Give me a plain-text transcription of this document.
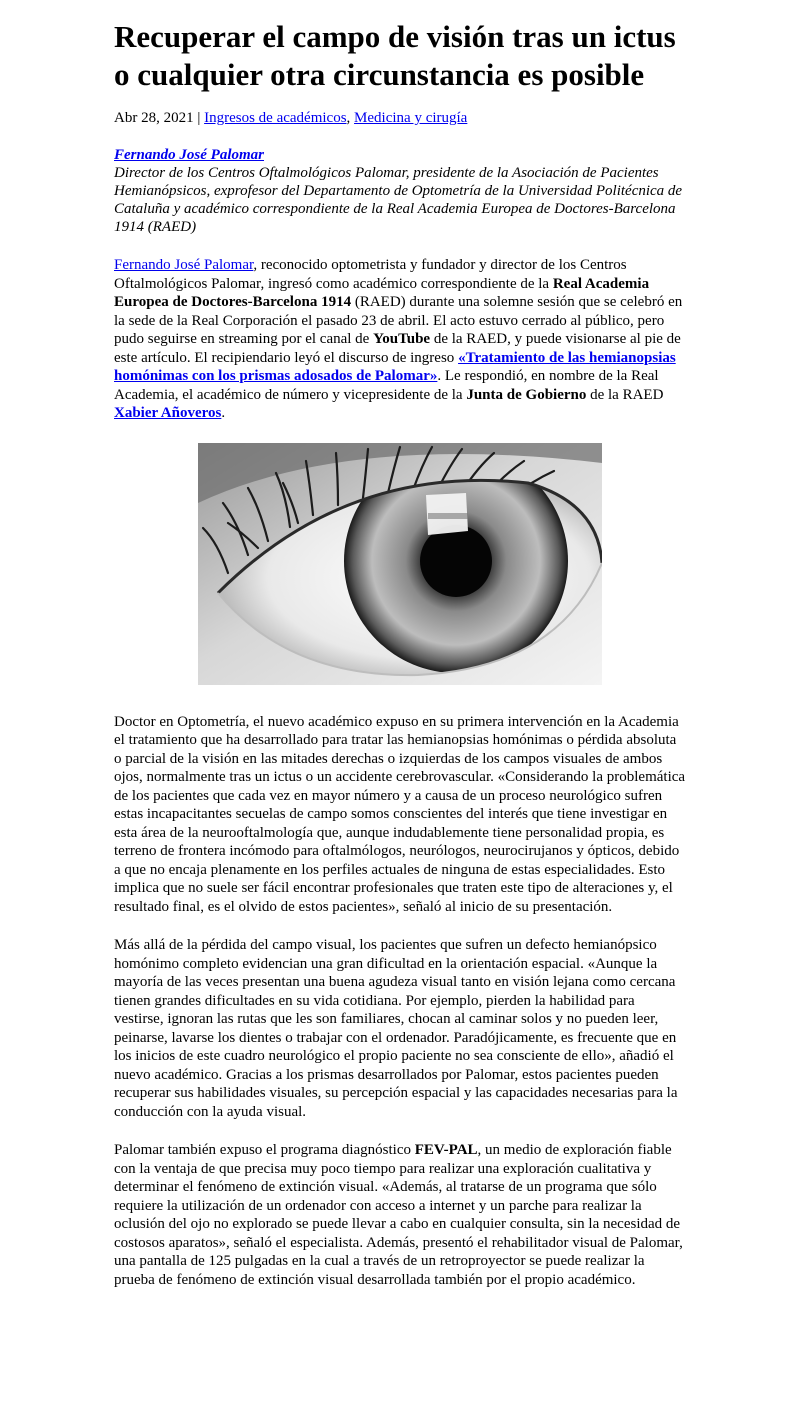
Recuperar el campo de visión tras un ictus o cualquier otra circunstancia es posible
Abr 28, 2021 | Ingresos de académicos, Medicina y cirugía
Fernando José Palomar
Director de los Centros Oftalmológicos Palomar, presidente de la Asociación de Pacientes Hemianópsicos, exprofesor del Departamento de Optometría de la Universidad Politécnica de Cataluña y académico correspondiente de la Real Academia Europea de Doctores-Barcelona 1914 (RAED)

Fernando José Palomar, reconocido optometrista y fundador y director de los Centros Oftalmológicos Palomar, ingresó como académico correspondiente de la Real Academia Europea de Doctores-Barcelona 1914 (RAED) durante una solemne sesión que se celebró en la sede de la Real Corporación el pasado 23 de abril. El acto estuvo cerrado al público, pero pudo seguirse en streaming por el canal de YouTube de la RAED, y puede visionarse al pie de este artículo. El recipiendario leyó el discurso de ingreso «Tratamiento de las hemianopsias homónimas con los prismas adosados de Palomar». Le respondió, en nombre de la Real Academia, el académico de número y vicepresidente de la Junta de Gobierno de la RAED Xabier Añoveros.

Doctor en Optometría, el nuevo académico expuso en su primera intervención en la Academia el tratamiento que ha desarrollado para tratar las hemianopsias homónimas o pérdida absoluta o parcial de la visión en las mitades derechas o izquierdas de los campos visuales de ambos ojos, normalmente tras un ictus o un accidente cerebrovascular. «Considerando la problemática de los pacientes que cada vez en mayor número y a causa de un proceso neurológico sufren estas incapacitantes secuelas de campo somos conscientes del interés que tiene investigar en esta área de la neurooftalmología que, aunque indudablemente tiene personalidad propia, es terreno de frontera incómodo para oftalmólogos, neurólogos, neurocirujanos y ópticos, debido a que no encaja plenamente en los perfiles actuales de ninguna de estas especialidades. Esto implica que no suele ser fácil encontrar profesionales que traten este tipo de alteraciones y, el resultado final, es el olvido de estos pacientes», señaló al inicio de su presentación.

Más allá de la pérdida del campo visual, los pacientes que sufren un defecto hemianópsico homónimo completo evidencian una gran dificultad en la orientación espacial. «Aunque la mayoría de las veces presentan una buena agudeza visual tanto en visión lejana como cercana tienen grandes dificultades en su vida cotidiana. Por ejemplo, pierden la habilidad para vestirse, ignoran las rutas que les son familiares, chocan al caminar solos y no pueden leer, peinarse, lavarse los dientes o trabajar con el ordenador. Paradójicamente, es frecuente que en los inicios de este cuadro neurológico el propio paciente no sea consciente de ello», añadió el nuevo académico. Gracias a los prismas desarrollados por Palomar, estos pacientes pueden recuperar sus habilidades visuales, su percepción espacial y las capacidades necesarias para la conducción con la ayuda visual.

Palomar también expuso el programa diagnóstico FEV-PAL, un medio de exploración fiable con la ventaja de que precisa muy poco tiempo para realizar una exploración cualitativa y determinar el fenómeno de extinción visual. «Además, al tratarse de un programa que sólo requiere la utilización de un ordenador con acceso a internet y un parche para realizar la oclusión del ojo no explorado se puede llevar a cabo en cualquier consulta, sin la necesidad de costosos aparatos», señaló el especialista. Además, presentó el rehabilitador visual de Palomar, una pantalla de 125 pulgadas en la cual a través de un retroproyector se puede realizar la prueba de fenómeno de extinción visual desarrollada también por el propio académico.
